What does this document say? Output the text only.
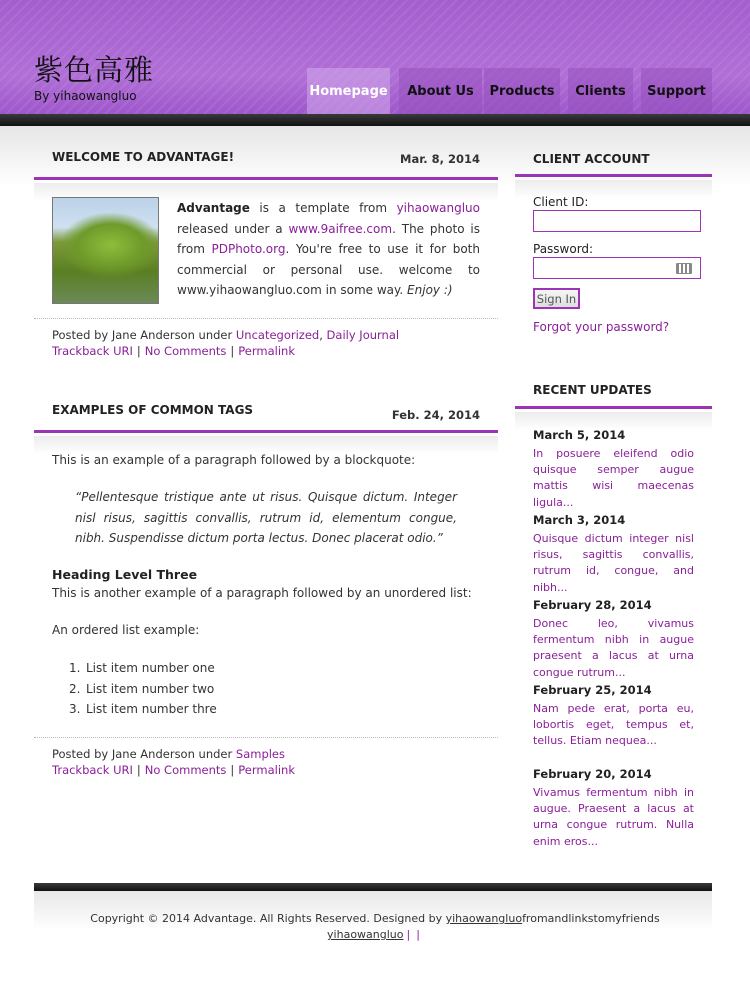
紫色高雅
By yihaowangluo	Homepage	About Us	Products	Clients	Support
WELCOME TO ADVANTAGE!	Mar. 8, 2014
Advantage is a template from yihaowangluo released under a www.9aifree.com. The photo is from PDPhoto.org. You're free to use it for both commercial or personal use. welcome to www.yihaowangluo.com in some way. Enjoy :)
Posted by Jane Anderson under Uncategorized, Daily Journal
Trackback URI | No Comments | Permalink
EXAMPLES OF COMMON TAGS	Feb. 24, 2014
This is an example of a paragraph followed by a blockquote:
“Pellentesque tristique ante ut risus. Quisque dictum. Integer nisl risus, sagittis convallis, rutrum id, elementum congue, nibh. Suspendisse dictum porta lectus. Donec placerat odio.”
Heading Level Three
This is another example of a paragraph followed by an unordered list:
An ordered list example:
1. List item number one
2. List item number two
3. List item number thre
Posted by Jane Anderson under Samples
Trackback URI | No Comments | Permalink
CLIENT ACCOUNT
Client ID:
Password:
Sign In
Forgot your password?
RECENT UPDATES
March 5, 2014
In posuere eleifend odio quisque semper augue mattis wisi maecenas ligula...
March 3, 2014
Quisque dictum integer nisl risus, sagittis convallis, rutrum id, congue, and nibh...
February 28, 2014
Donec leo, vivamus fermentum nibh in augue praesent a lacus at urna congue rutrum...
February 25, 2014
Nam pede erat, porta eu, lobortis eget, tempus et, tellus. Etiam nequea...
February 20, 2014
Vivamus fermentum nibh in augue. Praesent a lacus at urna congue rutrum. Nulla enim eros...
Copyright © 2014 Advantage. All Rights Reserved. Designed by yihaowangluofromandlinkstomyfriends
yihaowangluo | |
